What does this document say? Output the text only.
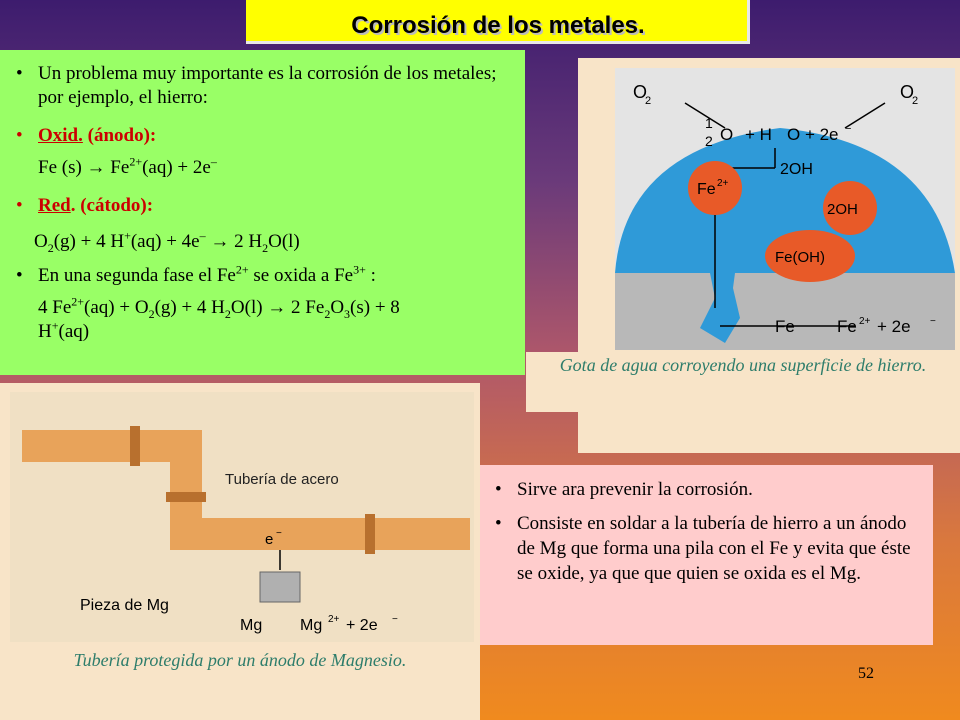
Corrosión de los metales.
• Un problema muy importante es la corrosión de los metales; por ejemplo, el hierro:
• Oxid. (ánodo):
Fe $(s) \to Fe^{2+}(aq) + 2e^-$
• Red. (cátodo):
$O_2(g) + 4$ H+(aq) + 4e– → 2 $H_2O(l)$
• En una segunda fase el $Fe^{2+}$ se oxida a $Fe^{3+}$ :
4 $Fe^{2+}(aq) + O_2(g) + 4$ $H_2O(l) \to 2$ $Fe_2O_3(s) + 8$
H+(aq)
O
2	O
2
1
2 O + H O + 2e −
2OH
Fe 2+
2OH
Fe(OH)
Fe Fe 2+ + 2e −
Gota de agua corroyendo una superficie de hierro.
Tubería de acero
e −
Pieza de Mg
Mg Mg 2+ + 2e −
Tubería protegida por un ánodo de Magnesio.
• Sirve ara prevenir la corrosión.
• Consiste en soldar a la tubería de hierro a un ánodo de Mg que forma una pila con el Fe y evita que éste se oxide, ya que que quien se oxida es el Mg.
52
